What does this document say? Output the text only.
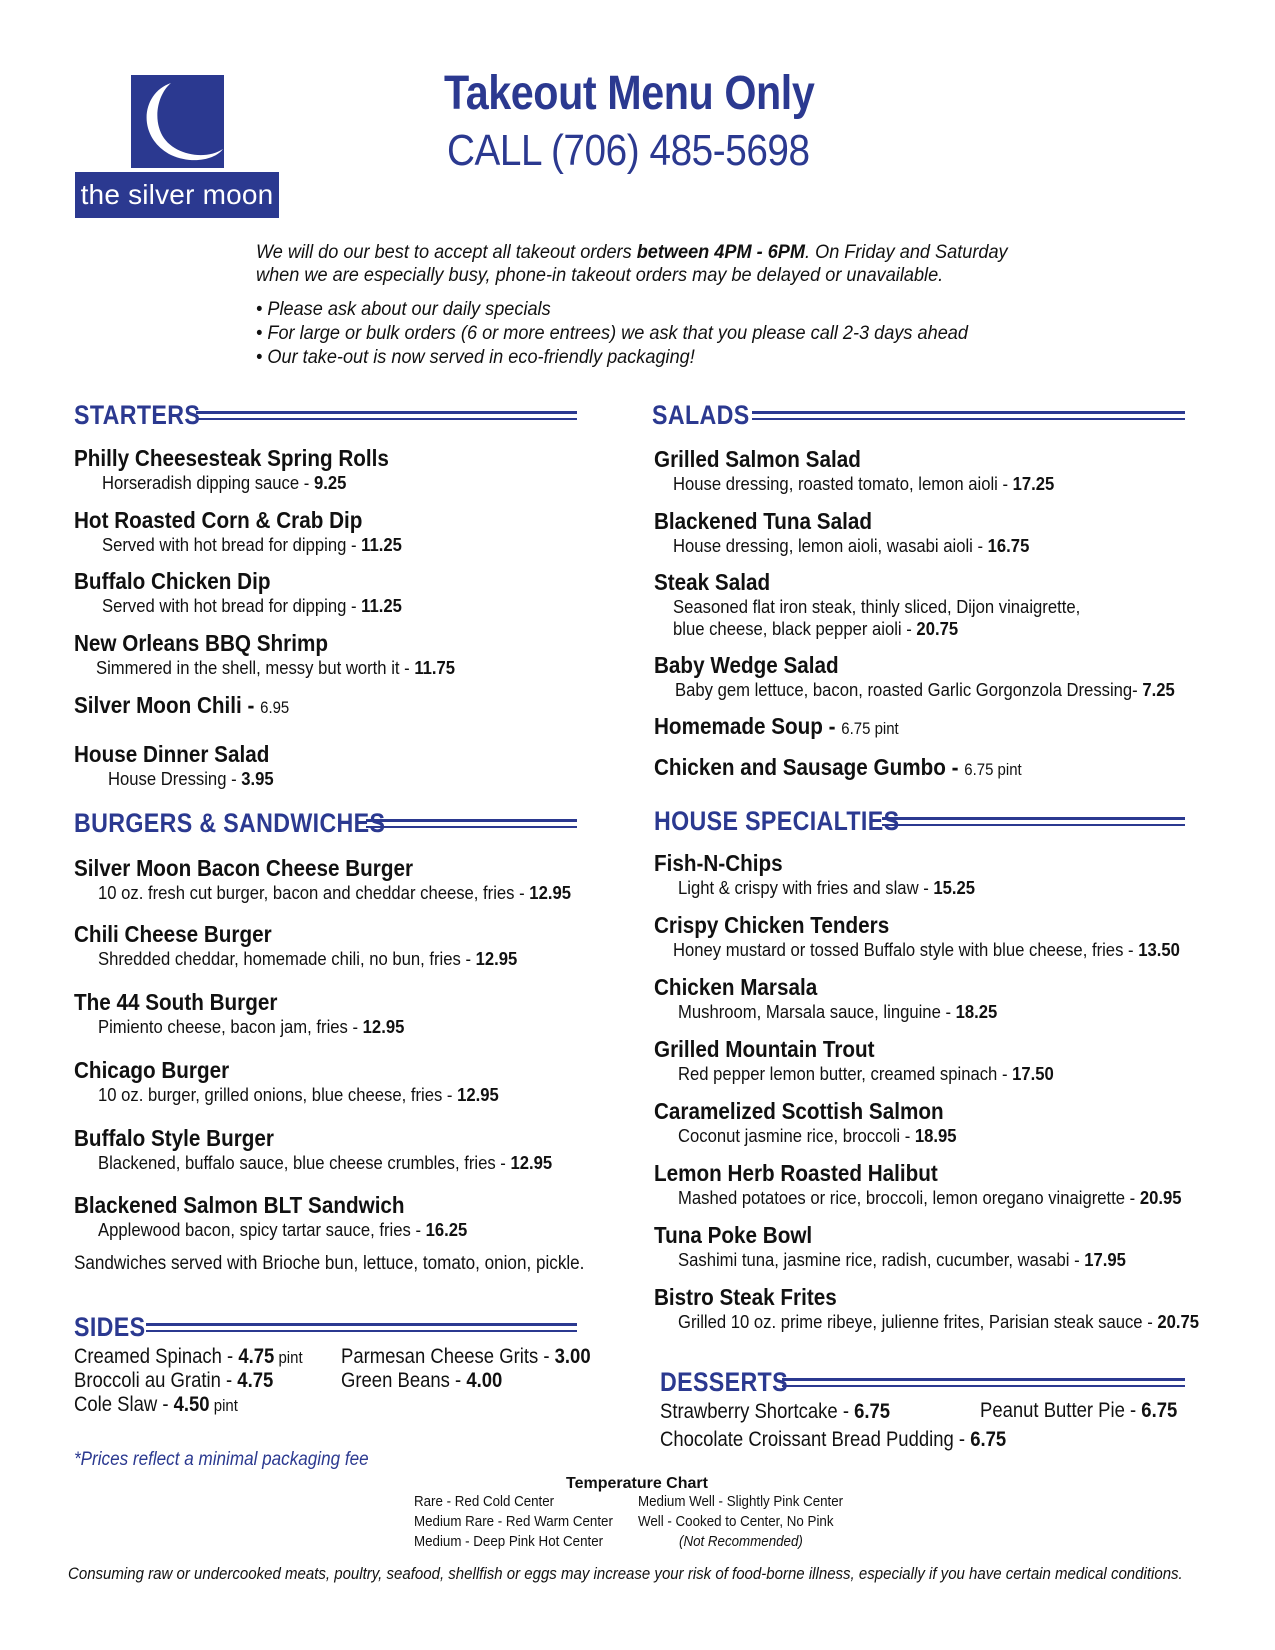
the silver moon
Takeout Menu Only
CALL (706) 485-5698
We will do our best to accept all takeout orders between 4PM - 6PM. On Friday and Saturday
when we are especially busy, phone-in takeout orders may be delayed or unavailable.
• Please ask about our daily specials
• For large or bulk orders (6 or more entrees) we ask that you please call 2-3 days ahead
• Our take-out is now served in eco-friendly packaging!
STARTERS
Philly Cheesesteak Spring Rolls
Horseradish dipping sauce - 9.25
Hot Roasted Corn & Crab Dip
Served with hot bread for dipping - 11.25
Buffalo Chicken Dip
Served with hot bread for dipping - 11.25
New Orleans BBQ Shrimp
Simmered in the shell, messy but worth it - 11.75
Silver Moon Chili - 6.95
House Dinner Salad
House Dressing - 3.95
BURGERS & SANDWICHES
Silver Moon Bacon Cheese Burger
10 oz. fresh cut burger, bacon and cheddar cheese, fries - 12.95
Chili Cheese Burger
Shredded cheddar, homemade chili, no bun, fries - 12.95
The 44 South Burger
Pimiento cheese, bacon jam, fries - 12.95
Chicago Burger
10 oz. burger, grilled onions, blue cheese, fries - 12.95
Buffalo Style Burger
Blackened, buffalo sauce, blue cheese crumbles, fries - 12.95
Blackened Salmon BLT Sandwich
Applewood bacon, spicy tartar sauce, fries - 16.25
Sandwiches served with Brioche bun, lettuce, tomato, onion, pickle.
SIDES
Creamed Spinach - 4.75 pint
Broccoli au Gratin - 4.75
Cole Slaw - 4.50 pint
Parmesan Cheese Grits - 3.00
Green Beans - 4.00
*Prices reflect a minimal packaging fee
SALADS
Grilled Salmon Salad
House dressing, roasted tomato, lemon aioli - 17.25
Blackened Tuna Salad
House dressing, lemon aioli, wasabi aioli - 16.75
Steak Salad
Seasoned flat iron steak, thinly sliced, Dijon vinaigrette,
blue cheese, black pepper aioli - 20.75
Baby Wedge Salad
Baby gem lettuce, bacon, roasted Garlic Gorgonzola Dressing- 7.25
Homemade Soup - 6.75 pint
Chicken and Sausage Gumbo - 6.75 pint
HOUSE SPECIALTIES
Fish-N-Chips
Light & crispy with fries and slaw - 15.25
Crispy Chicken Tenders
Honey mustard or tossed Buffalo style with blue cheese, fries - 13.50
Chicken Marsala
Mushroom, Marsala sauce, linguine - 18.25
Grilled Mountain Trout
Red pepper lemon butter, creamed spinach - 17.50
Caramelized Scottish Salmon
Coconut jasmine rice, broccoli - 18.95
Lemon Herb Roasted Halibut
Mashed potatoes or rice, broccoli, lemon oregano vinaigrette - 20.95
Tuna Poke Bowl
Sashimi tuna, jasmine rice, radish, cucumber, wasabi - 17.95
Bistro Steak Frites
Grilled 10 oz. prime ribeye, julienne frites, Parisian steak sauce - 20.75
DESSERTS
Strawberry Shortcake - 6.75	Peanut Butter Pie - 6.75
Chocolate Croissant Bread Pudding - 6.75
Temperature Chart
Rare - Red Cold Center
Medium Rare - Red Warm Center
Medium - Deep Pink Hot Center
Medium Well - Slightly Pink Center
Well - Cooked to Center, No Pink
(Not Recommended)
Consuming raw or undercooked meats, poultry, seafood, shellfish or eggs may increase your risk of food-borne illness, especially if you have certain medical conditions.
